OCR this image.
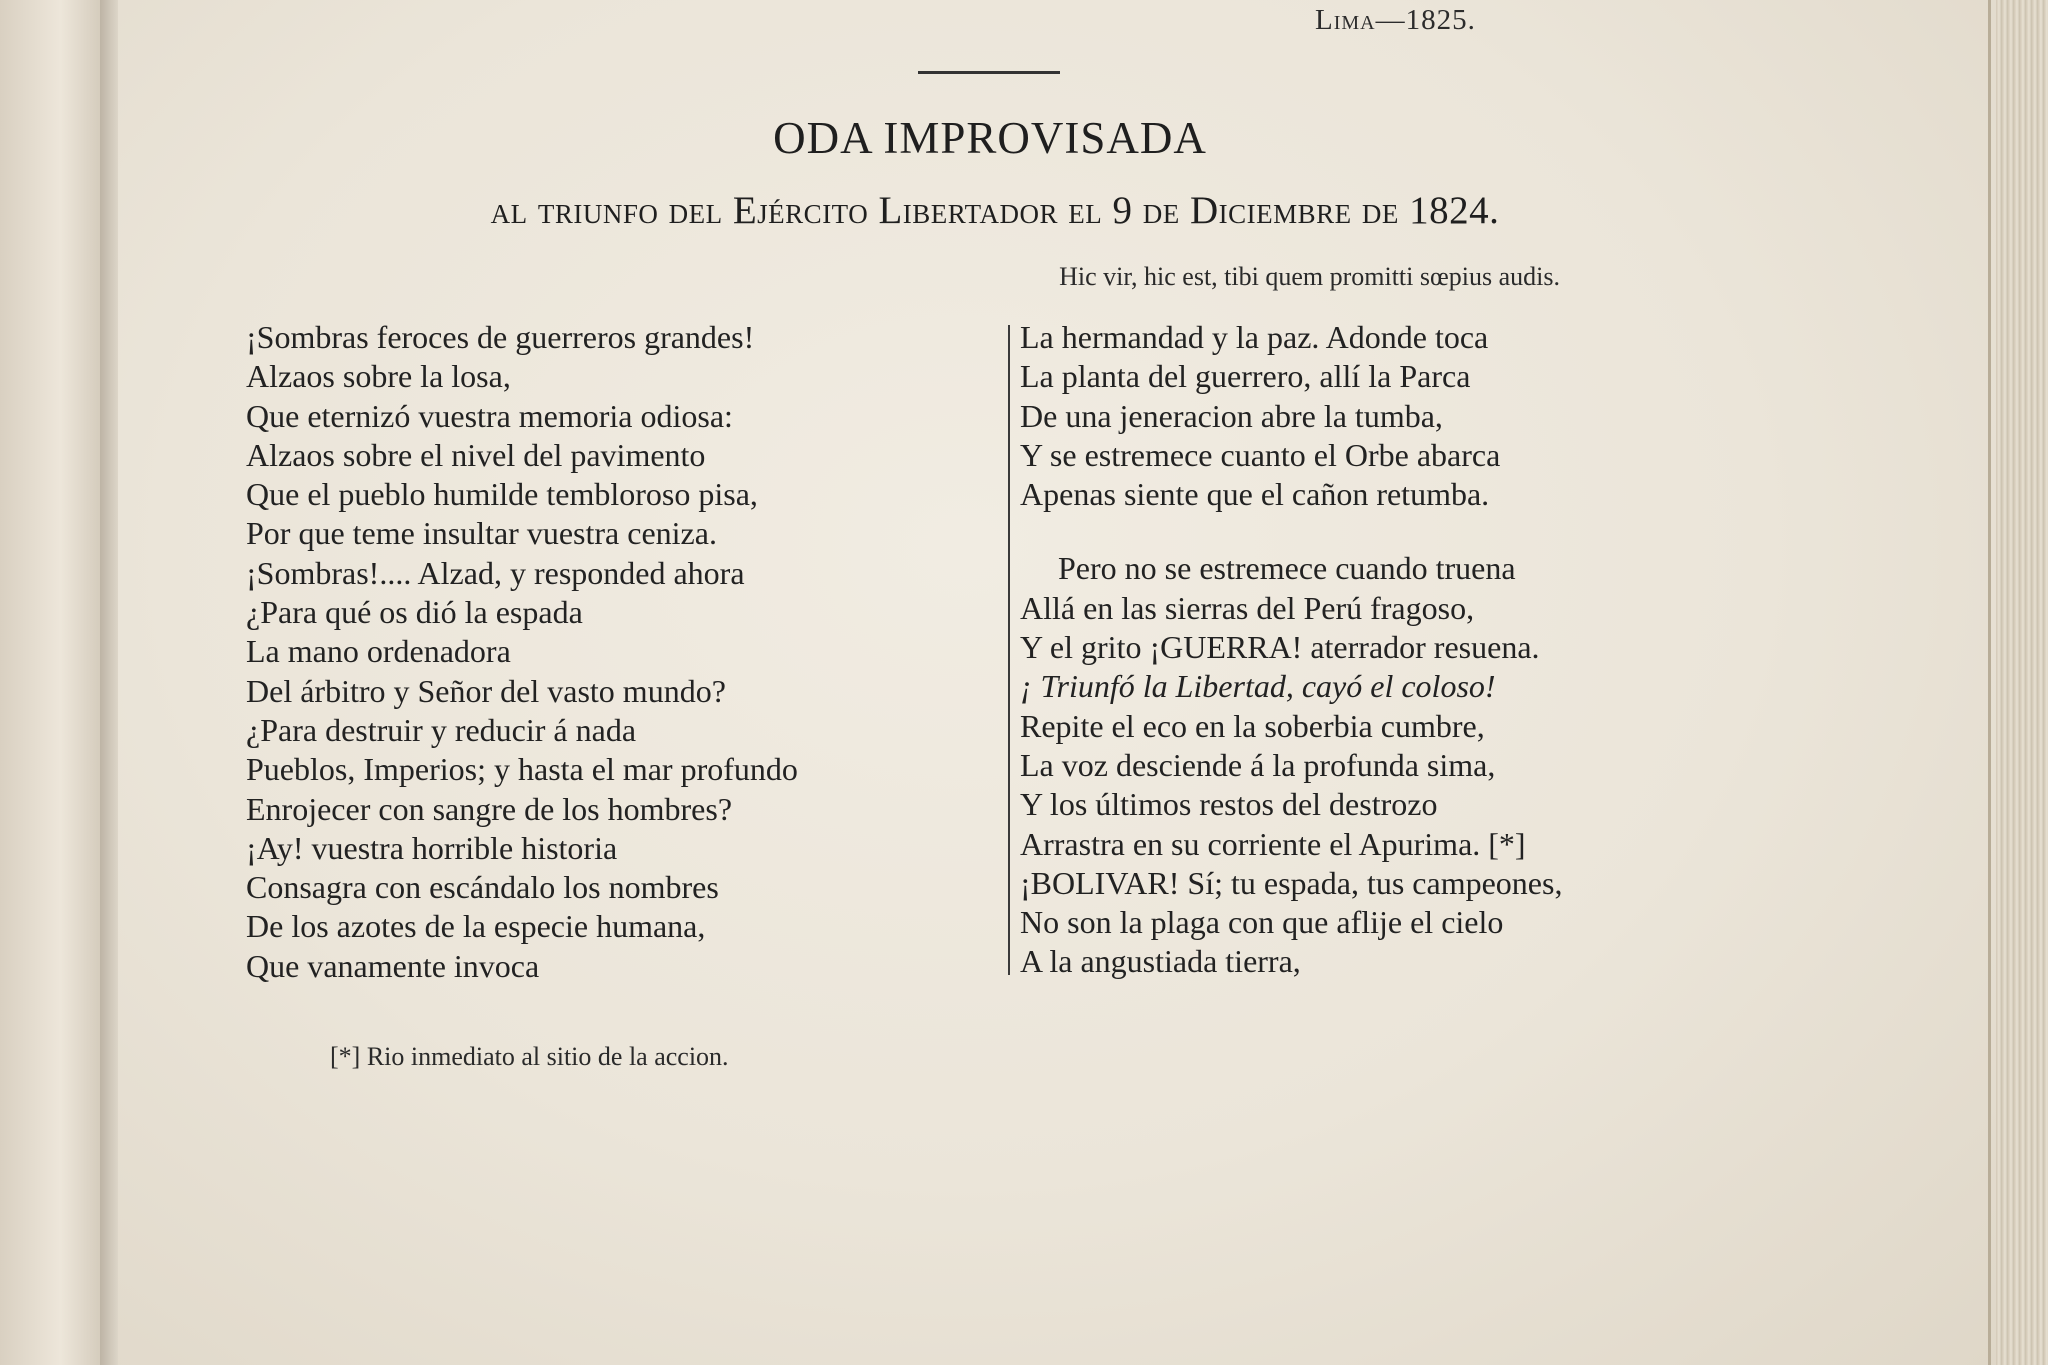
Lima—1825.
ODA IMPROVISADA
al triunfo del Ejército Libertador el 9 de Diciembre de 1824.
Hic vir, hic est, tibi quem promitti sœpius audis.
¡Sombras feroces de guerreros grandes!
Alzaos sobre la losa,
Que eternizó vuestra memoria odiosa:
Alzaos sobre el nivel del pavimento
Que el pueblo humilde tembloroso pisa,
Por que teme insultar vuestra ceniza.
¡Sombras!.... Alzad, y responded ahora
¿Para qué os dió la espada
La mano ordenadora
Del árbitro y Señor del vasto mundo?
¿Para destruir y reducir á nada
Pueblos, Imperios; y hasta el mar profundo
Enrojecer con sangre de los hombres?
¡Ay! vuestra horrible historia
Consagra con escándalo los nombres
De los azotes de la especie humana,
Que vanamente invoca
La hermandad y la paz. Adonde toca
La planta del guerrero, allí la Parca
De una jeneracion abre la tumba,
Y se estremece cuanto el Orbe abarca
Apenas siente que el cañon retumba.
Pero no se estremece cuando truena
Allá en las sierras del Perú fragoso,
Y el grito ¡GUERRA! aterrador resuena.
¡ Triunfó la Libertad, cayó el coloso!
Repite el eco en la soberbia cumbre,
La voz desciende á la profunda sima,
Y los últimos restos del destrozo
Arrastra en su corriente el Apurima. [*]
¡BOLIVAR! Sí; tu espada, tus campeones,
No son la plaga con que aflije el cielo
A la angustiada tierra,
[*] Rio inmediato al sitio de la accion.
